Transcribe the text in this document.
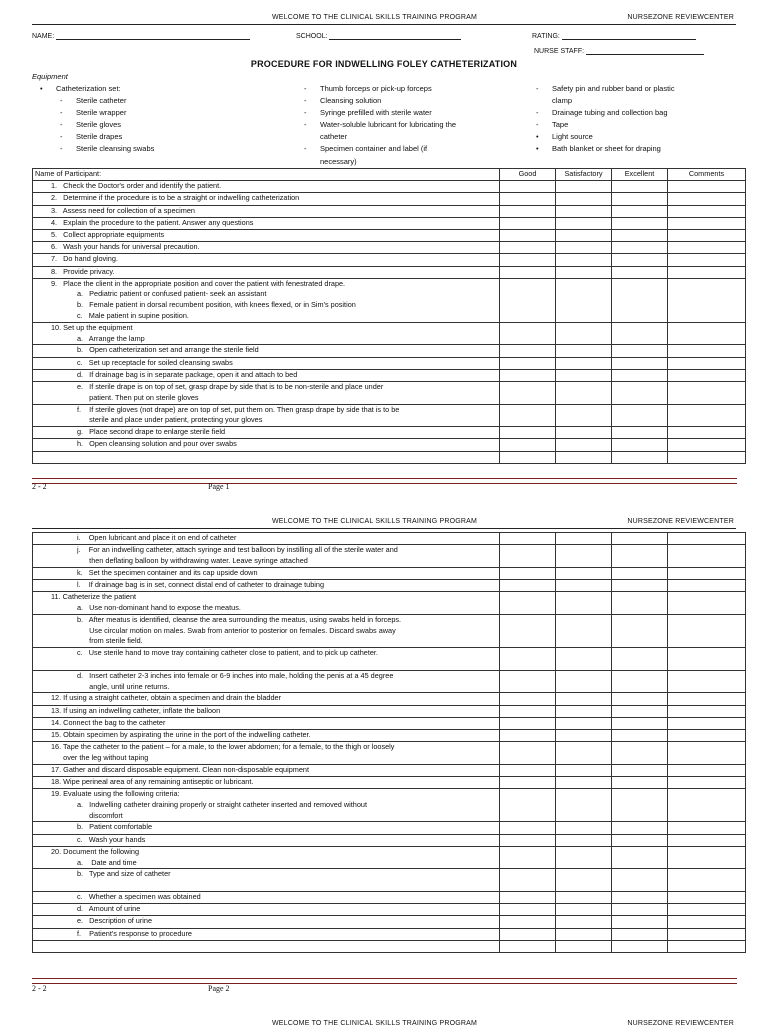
WELCOME TO THE CLINICAL SKILLS TRAINING PROGRAM	NURSEZONE REVIEWCENTER
NAME:	SCHOOL:	RATING:
NURSE STAFF:
PROCEDURE FOR INDWELLING FOLEY CATHETERIZATION
Equipment
• Catheterization set:
- Sterile catheter
- Sterile wrapper
- Sterile gloves
- Sterile drapes
- Sterile cleansing swabs
- Thumb forceps or pick-up forceps
- Cleansing solution
- Syringe prefilled with sterile water
- Water-soluble lubricant for lubricating the
catheter
- Specimen container and label (if
necessary)
- Safety pin and rubber band or plastic
clamp
- Drainage tubing and collection bag
- Tape
• Light source
• Bath blanket or sheet for draping
Name of Participant:	Good	Satisfactory	Excellent	Comments

1.   Check the Doctor's order and identify the patient.				

2.   Determine if the procedure is to be a straight or indwelling catheterization				

3.   Assess need for collection of a specimen				

4.   Explain the procedure to the patient. Answer any questions				

5.   Collect appropriate equipments				

6.   Wash your hands for universal precaution.				

7.   Do hand gloving.				

8.   Provide privacy.				

9.   Place the client in the appropriate position and cover the patient with fenestrated drape.
a.   Pediatric patient or confused patient- seek an assistant
b.   Female patient in dorsal recumbent position, with knees flexed, or in Sim's position
c.   Male patient in supine position.				

10. Set up the equipment
a.   Arrange the lamp				

b.   Open catheterization set and arrange the sterile field				

c.   Set up receptacle for soiled cleansing swabs				

d.   If drainage bag is in separate package, open it and attach to bed				

e.   If sterile drape is on top of set, grasp drape by side that is to be non-sterile and place under
patient. Then put on sterile gloves				

f.    If sterile gloves (not drape) are on top of set, put them on. Then grasp drape by side that is to be
sterile and place under patient, protecting your gloves				

g.   Place second drape to enlarge sterile field				

h.   Open cleansing solution and pour over swabs				

2 - 2	Page 1
WELCOME TO THE CLINICAL SKILLS TRAINING PROGRAM	NURSEZONE REVIEWCENTER
i.    Open lubricant and place it on end of catheter				

j.    For an indwelling catheter, attach syringe and test balloon by instilling all of the sterile water and
then deflating balloon by withdrawing water. Leave syringe attached				

k.   Set the specimen container and its cap upside down				

l.    If drainage bag is in set, connect distal end of catheter to drainage tubing				

11. Catheterize the patient
a.   Use non-dominant hand to expose the meatus.				

b.   After meatus is identified, cleanse the area surrounding the meatus, using swabs held in forceps.
Use circular motion on males. Swab from anterior to posterior on females. Discard swabs away
from sterile field.				

c.   Use sterile hand to move tray containing catheter close to patient, and to pick up catheter.				

d.   Insert catheter 2-3 inches into female or 6-9 inches into male, holding the penis at a 45 degree
angle, until urine returns.				

12. If using a straight catheter, obtain a specimen and drain the bladder				

13. If using an indwelling catheter, inflate the balloon				

14. Connect the bag to the catheter				

15. Obtain specimen by aspirating the urine in the port of the indwelling catheter.				

16. Tape the catheter to the patient – for a male, to the lower abdomen; for a female, to the thigh or loosely
over the leg without taping				

17. Gather and discard disposable equipment. Clean non-disposable equipment				

18. Wipe perineal area of any remaining antiseptic or lubricant.				

19. Evaluate using the following criteria:
a.   Indwelling catheter draining properly or straight catheter inserted and removed without
discomfort				

b.   Patient comfortable				

c.   Wash your hands				

20. Document the following
a.    Date and time				

b.   Type and size of catheter				

c.   Whether a specimen was obtained				

d.   Amount of urine				

e.   Description of urine				

f.    Patient's response to procedure				

2 - 2	Page 2
WELCOME TO THE CLINICAL SKILLS TRAINING PROGRAM	NURSEZONE REVIEWCENTER
